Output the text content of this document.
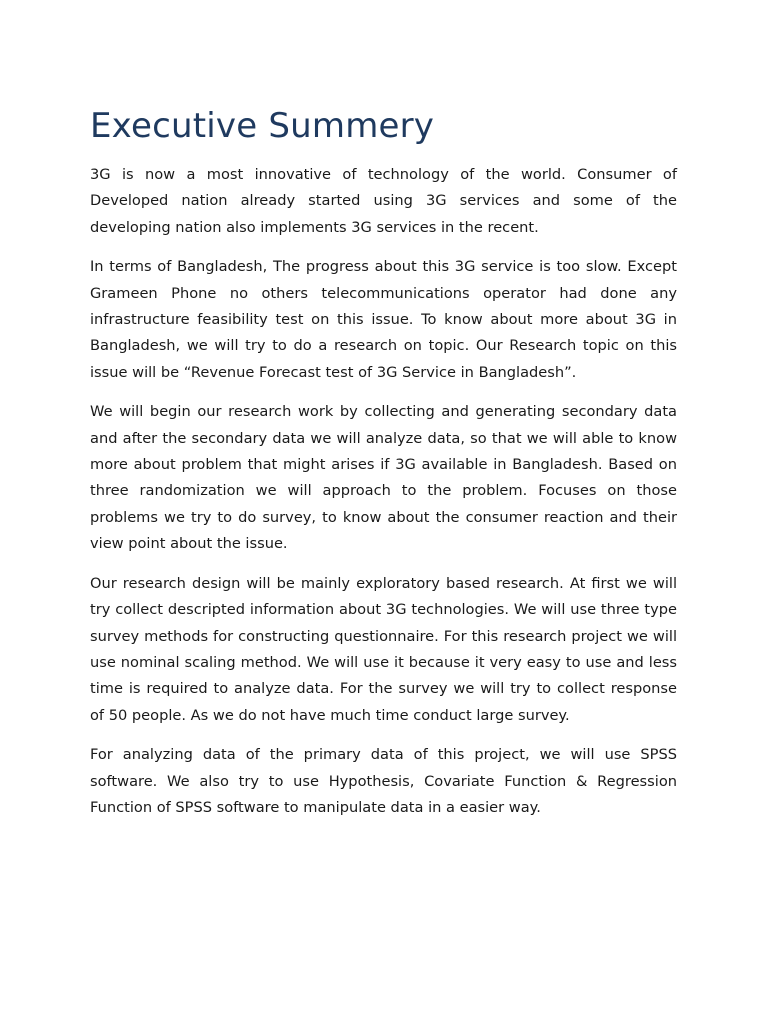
Executive Summery

3G is now a most innovative of technology of the world. Consumer of Developed nation already started using 3G services and some of the developing nation also implements 3G services in the recent.

In terms of Bangladesh, The progress about this 3G service is too slow. Except Grameen Phone no others telecommunications operator had done any infrastructure feasibility test on this issue. To know about more about 3G in Bangladesh, we will try to do a research on topic. Our Research topic on this issue will be “Revenue Forecast test of 3G Service in Bangladesh”.

We will begin our research work by collecting and generating secondary data and after the secondary data we will analyze data, so that we will able to know more about problem that might arises if 3G available in Bangladesh. Based on three randomization we will approach to the problem. Focuses on those problems we try to do survey, to know about the consumer reaction and their view point about the issue.

Our research design will be mainly exploratory based research. At first we will try collect descripted information about 3G technologies. We will use three type survey methods for constructing questionnaire. For this research project we will use nominal scaling method. We will use it because it very easy to use and less time is required to analyze data. For the survey we will try to collect response of 50 people. As we do not have much time conduct large survey.

For analyzing data of the primary data of this project, we will use SPSS software. We also try to use Hypothesis, Covariate Function & Regression Function of SPSS software to manipulate data in a easier way.
